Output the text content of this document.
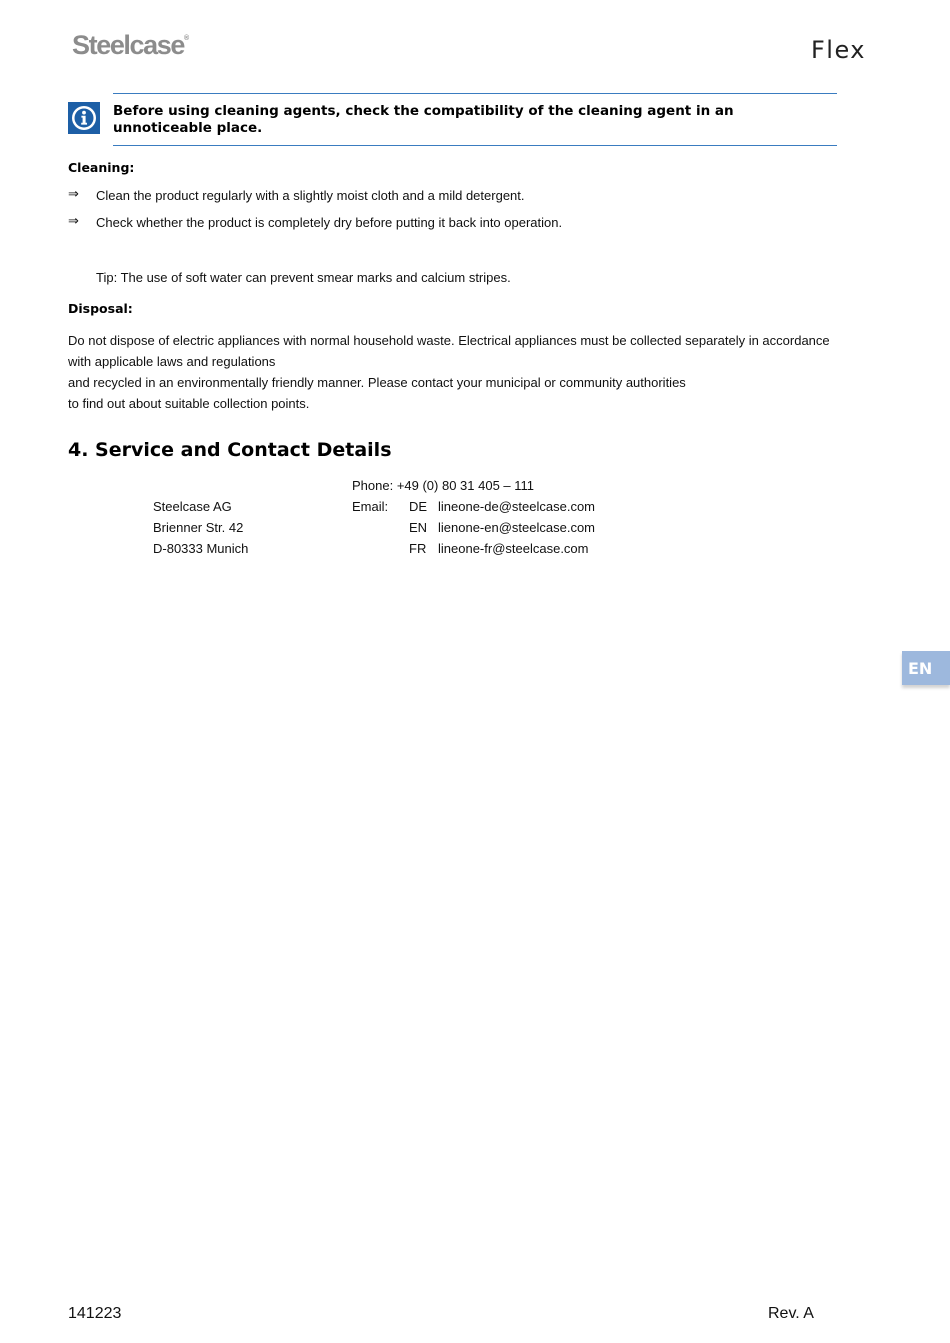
Steelcase®	Flex
Before using cleaning agents, check the compatibility of the cleaning agent in an unnoticeable place.
Cleaning:
⇒ Clean the product regularly with a slightly moist cloth and a mild detergent.
⇒ Check whether the product is completely dry before putting it back into operation.
Tip: The use of soft water can prevent smear marks and calcium stripes.
Disposal:
Do not dispose of electric appliances with normal household waste. Electrical appliances must be collected separately in accordance
with applicable laws and regulations
and recycled in an environmentally friendly manner. Please contact your municipal or community authorities
to find out about suitable collection points.
4. Service and Contact Details
Phone: +49 (0) 80 31 405 – 111
Steelcase AG
Brienner Str. 42
D-80333 Munich
Email: DE
EN
FR
lineone-de@steelcase.com
lienone-en@steelcase.com
lineone-fr@steelcase.com
EN
141223	Rev. A
